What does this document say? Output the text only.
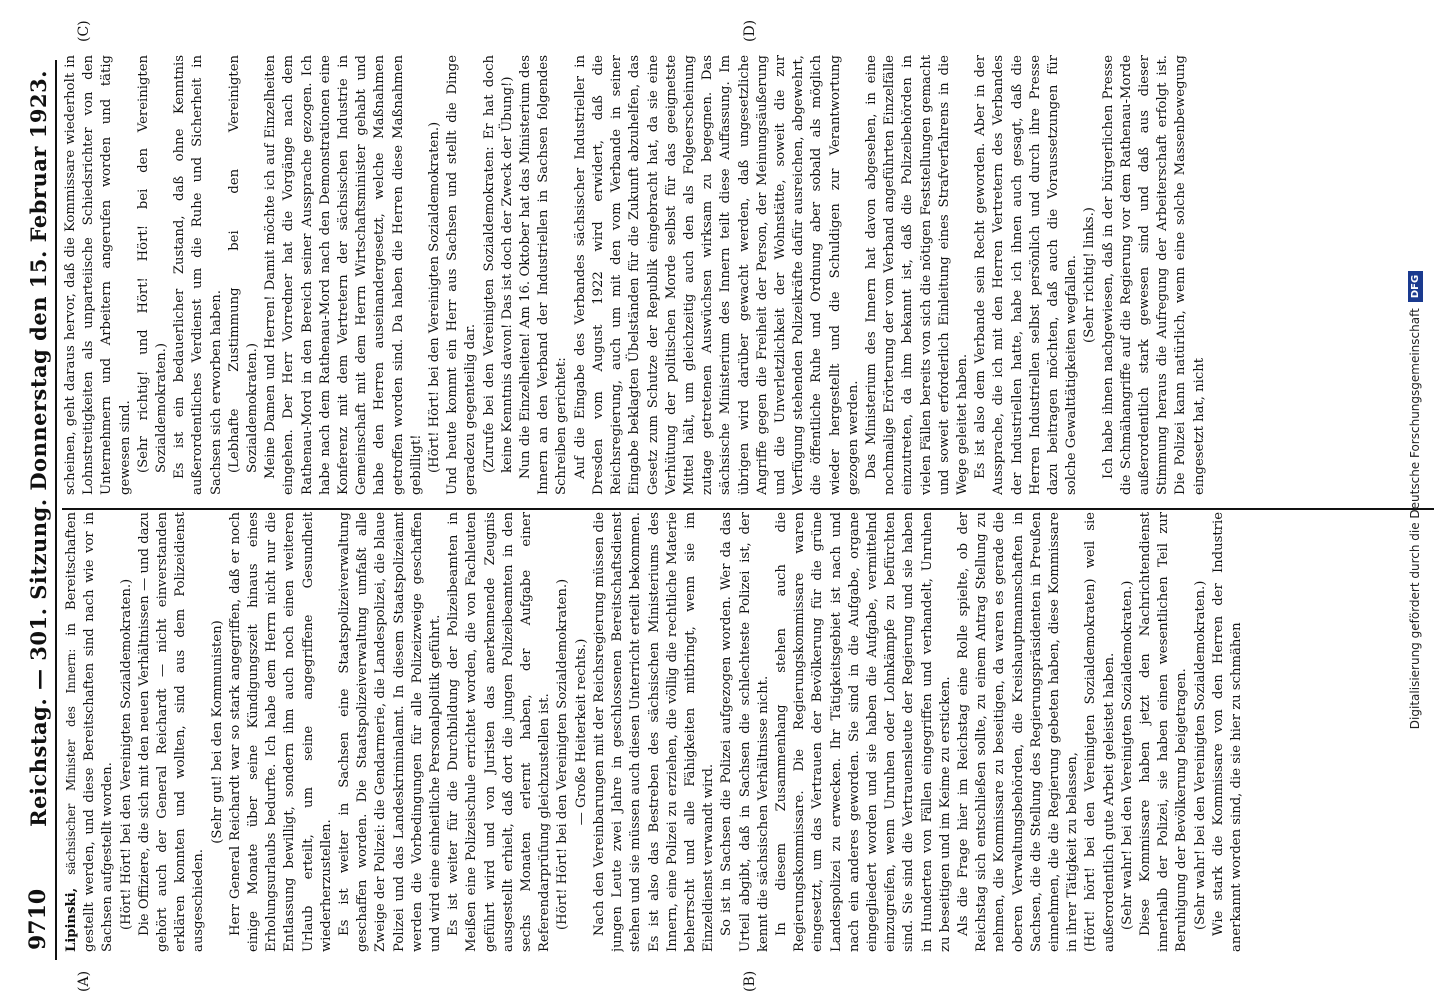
9710
Reichstag. — 301. Sitzung. Donnerstag den 15. Februar 1923.
(A)	(B)
(C)	(D)

Lipinski, sächsischer Minister des Innern: in Bereitschaften gestellt werden, und diese Bereitschaften sind nach wie vor in Sachsen aufgestellt worden. (Hört! Hört! bei den Vereinigten Sozialdemokraten.) Die Offiziere, die sich mit den neuen Verhältnissen — und dazu gehört auch der General Reichardt — nicht einverstanden erklären konnten und wollten, sind aus dem Polizeidienst ausgeschieden.

(Sehr gut! bei den Kommunisten) Herr General Reichardt war so stark angegriffen, daß er noch einige Monate über seine Kündigungszeit hinaus eines Erholungsurlaubs bedurfte. Ich habe dem Herrn nicht nur die Entlassung bewilligt, sondern ihm auch noch einen weiteren Urlaub erteilt, um seine angegriffene Gesundheit wiederherzustellen. Es ist weiter in Sachsen eine Staatspolizeiverwaltung geschaffen worden. Die Staatspolizeiverwaltung umfaßt alle Zweige der Polizei: die Gendarmerie, die Landespolizei, die blaue Polizei und das Landeskriminalamt. In diesem Staatspolizeiamt werden die Vorbedingungen für alle Polizeizweige geschaffen und wird eine einheitliche Personalpolitik geführt. Es ist weiter für die Durchbildung der Polizeibeamten in Meißen eine Polizeischule errichtet worden, die von Fachleuten geführt wird und von Juristen das anerkennende Zeugnis ausgestellt erhielt, daß dort die jungen Polizeibeamten in den sechs Monaten erlernt haben, der Aufgabe einer Referendarprüfung gleichzustellen ist. (Hört! Hört! bei den Vereinigten Sozialdemokraten.) — Große Heiterkeit rechts.) Nach den Vereinbarungen mit der Reichsregierung müssen die jungen Leute zwei Jahre in geschlossenen Bereitschaftsdienst stehen und sie müssen auch diesen Unterricht erteilt bekommen. Es ist also das Bestreben des sächsischen Ministeriums des Innern, eine Polizei zu erziehen, die völlig die rechtliche Materie beherrscht und alle Fähigkeiten mitbringt, wenn sie im Einzeldienst verwandt wird. So ist in Sachsen die Polizei aufgezogen worden. Wer da das Urteil abgibt, daß in Sachsen die schlechteste Polizei ist, der kennt die sächsischen Verhältnisse nicht. In diesem Zusammenhang stehen auch die Regierungskommissare. Die Regierungskommissare waren eingesetzt, um das Vertrauen der Bevölkerung für die grüne Landespolizei zu erwecken. Ihr Tätigkeitsgebiet ist nach und nach ein anderes geworden. Sie sind in die Aufgabe, organe eingegliedert worden und sie haben die Aufgabe, vermittelnd einzugreifen, wenn Unruhen oder Lohnkämpfe zu befürchten sind. Sie sind die Vertrauensleute der Regierung und sie haben in Hunderten von Fällen eingegriffen und verhandelt, Unruhen zu beseitigen und im Keime zu ersticken. Als die Frage hier im Reichstag eine Rolle spielte, ob der Reichstag sich entschließen sollte, zu einem Antrag Stellung zu nehmen, die Kommissare zu beseitigen, da waren es gerade die oberen Verwaltungsbehörden, die Kreishauptmannschaften in Sachsen, die die Stellung des Regierungspräsidenten in Preußen einnehmen, die die Regierung gebeten haben, diese Kommissare in ihrer Tätigkeit zu belassen, (Hört! hört! bei den Vereinigten Sozialdemokraten) weil sie außerordentlich gute Arbeit geleistet haben. (Sehr wahr! bei den Vereinigten Sozialdemokraten.) Diese Kommissare haben jetzt den Nachrichtendienst innerhalb der Polizei, sie haben einen wesentlichen Teil zur Beruhigung der Bevölkerung beigetragen. (Sehr wahr! bei den Vereinigten Sozialdemokraten.) Wie stark die Kommissare von den Herren der Industrie anerkannt worden sind, die sie hier zu schmähen

scheinen, geht daraus hervor, daß die Kommissare wiederholt in Lohnstreitigkeiten als unparteiische Schiedsrichter von den Unternehmern und Arbeitern angerufen worden und tätig gewesen sind. (Sehr richtig! und Hört! Hört! bei den Vereinigten Sozialdemokraten.) Es ist ein bedauerlicher Zustand, daß ohne Kenntnis außerordentliches Verdienst um die Ruhe und Sicherheit in Sachsen sich erworben haben. (Lebhafte Zustimmung bei den Vereinigten Sozialdemokraten.) Meine Damen und Herren! Damit möchte ich auf Einzelheiten eingehen. Der Herr Vorredner hat die Vorgänge nach dem Rathenau-Mord in den Bereich seiner Aussprache gezogen. Ich habe nach dem Rathenau-Mord nach den Demonstrationen eine Konferenz mit dem Vertretern der sächsischen Industrie in Gemeinschaft mit dem Herrn Wirtschaftsminister gehabt und habe den Herren auseinandergesetzt, welche Maßnahmen getroffen worden sind. Da haben die Herren diese Maßnahmen gebilligt! (Hört! Hört! bei den Vereinigten Sozialdemokraten.) Und heute kommt ein Herr aus Sachsen und stellt die Dinge geradezu gegenteilig dar. (Zurufe bei den Vereinigten Sozialdemokraten: Er hat doch keine Kenntnis davon! Das ist doch der Zweck der Übung!) Nun die Einzelheiten! Am 16. Oktober hat das Ministerium des Innern an den Verband der Industriellen in Sachsen folgendes Schreiben gerichtet: Auf die Eingabe des Verbandes sächsischer Industrieller in Dresden vom August 1922 wird erwidert, daß die Reichsregierung, auch um mit den vom Verbande in seiner Eingabe beklagten Übelständen für die Zukunft abzuhelfen, das Gesetz zum Schutze der Republik eingebracht hat, da sie eine Verhütung der politischen Morde selbst für das geeignetste Mittel hält, um gleichzeitig auch den als Folgeerscheinung zutage getretenen Auswüchsen wirksam zu begegnen. Das sächsische Ministerium des Innern teilt diese Auffassung. Im übrigen wird darüber gewacht werden, daß ungesetzliche Angriffe gegen die Freiheit der Person, der Meinungsäußerung und die Unverletzlichkeit der Wohnstätte, soweit die zur Verfügung stehenden Polizeikräfte dafür ausreichen, abgewehrt, die öffentliche Ruhe und Ordnung aber sobald als möglich wieder hergestellt und die Schuldigen zur Verantwortung gezogen werden. Das Ministerium des Innern hat davon abgesehen, in eine nochmalige Erörterung der vom Verband angeführten Einzelfälle einzutreten, da ihm bekannt ist, daß die Polizeibehörden in vielen Fällen bereits von sich die nötigen Feststellungen gemacht und soweit erforderlich Einleitung eines Strafverfahrens in die Wege geleitet haben. Es ist also dem Verbande sein Recht geworden. Aber in der Aussprache, die ich mit den Herren Vertretern des Verbandes der Industriellen hatte, habe ich ihnen auch gesagt, daß die Herren Industriellen selbst persönlich und durch ihre Presse dazu beitragen möchten, daß auch die Voraussetzungen für solche Gewalttätigkeiten wegfallen. (Sehr richtig! links.) Ich habe ihnen nachgewiesen, daß in der bürgerlichen Presse die Schmähangriffe auf die Regierung vor dem Rathenau-Morde außerordentlich stark gewesen sind und daß aus dieser Stimmung heraus die Aufregung der Arbeiterschaft erfolgt ist. Die Polizei kann natürlich, wenn eine solche Massenbewegung eingesetzt hat, nicht	Digitalisierung gefördert durch die Deutsche Forschungsgemeinschaft
DFG
